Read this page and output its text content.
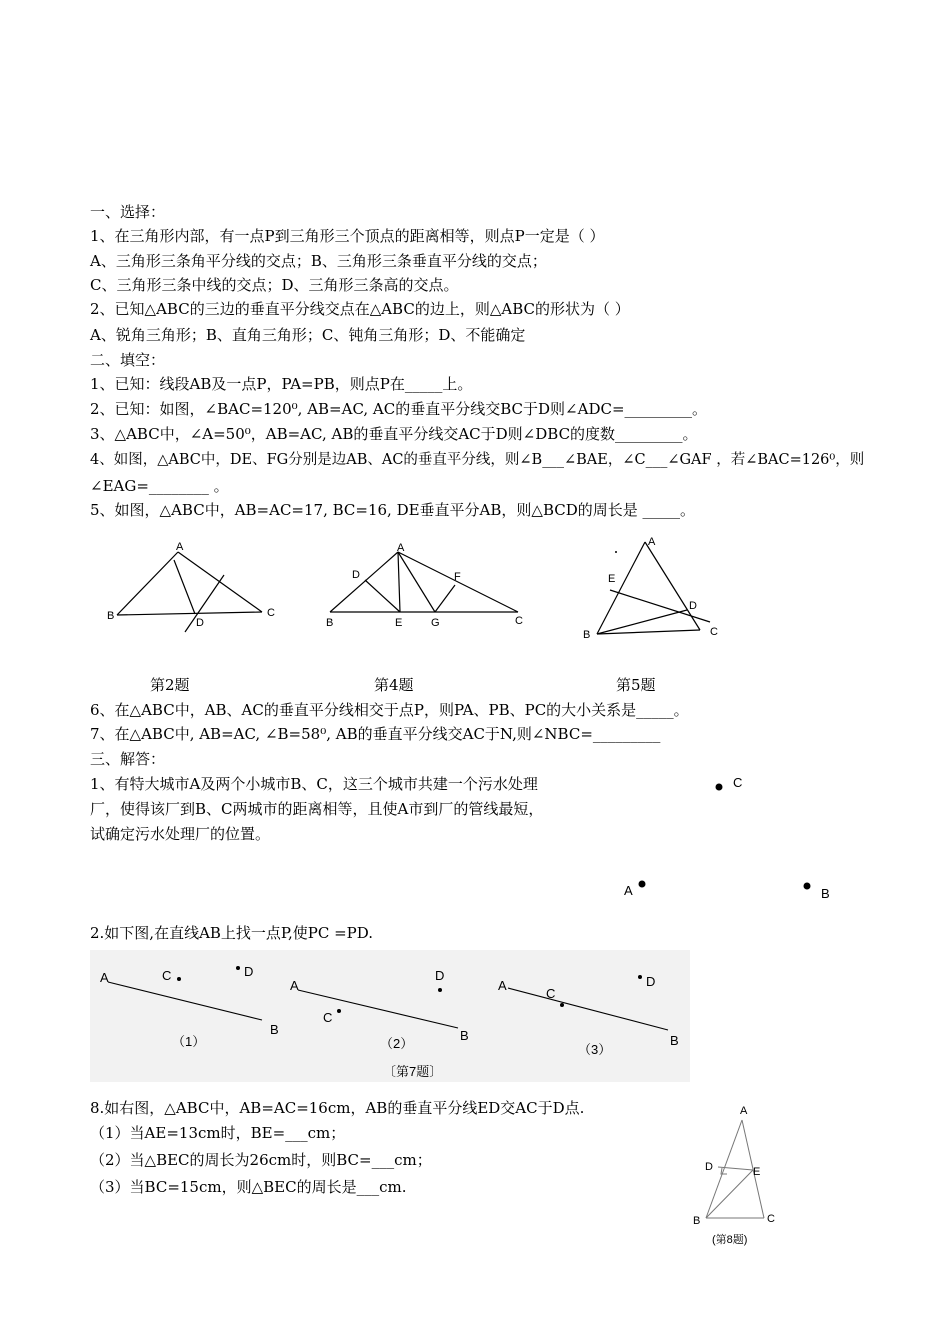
一、选择：
1、在三角形内部，有一点P到三角形三个顶点的距离相等，则点P一定是（ ）
A、三角形三条角平分线的交点；B、三角形三条垂直平分线的交点；
C、三角形三条中线的交点；D、三角形三条高的交点。
2、已知△ABC的三边的垂直平分线交点在△ABC的边上，则△ABC的形状为（ ）
A、锐角三角形；B、直角三角形；C、钝角三角形；D、不能确定
二、填空：
1、已知：线段AB及一点P，PA=PB，则点P在_____上。
2、已知：如图，∠BAC=120⁰, AB=AC, AC的垂直平分线交BC于D则∠ADC=_________。
3、△ABC中，∠A=50⁰，AB=AC, AB的垂直平分线交AC于D则∠DBC的度数_________。
4、如图，△ABC中，DE、FG分别是边AB、AC的垂直平分线，则∠B___∠BAE，∠C___∠GAF ，若∠BAC=126⁰，则
∠EAG=________ 。
5、如图，△ABC中，AB=AC=17, BC=16, DE垂直平分AB，则△BCD的周长是 _____。
A
B	C
D
A
D	F
B	E	G	C
A
E
D
B	C
第2题	第4题	第5题
6、在△ABC中，AB、AC的垂直平分线相交于点P，则PA、PB、PC的大小关系是_____。
7、在△ABC中, AB=AC, ∠B=58⁰, AB的垂直平分线交AC于N,则∠NBC=_________
三、解答：
1、有特大城市A及两个小城市B、C，这三个城市共建一个污水处理
厂，使得该厂到B、C两城市的距离相等，且使A市到厂的管线最短，
试确定污水处理厂的位置。
C
A	B
2.如下图,在直线AB上找一点P,使PC =PD.
A	C	D
B
A
D
C
B
A
C
D
B
（1）	（2）	（3）
〔第7题〕
8.如右图，△ABC中，AB=AC=16cm，AB的垂直平分线ED交AC于D点.
（1）当AE=13cm时，BE=___cm；
（2）当△BEC的周长为26cm时，则BC=___cm；
（3）当BC=15cm，则△BEC的周长是___cm.
A
D	E
B	C
(第8题)
